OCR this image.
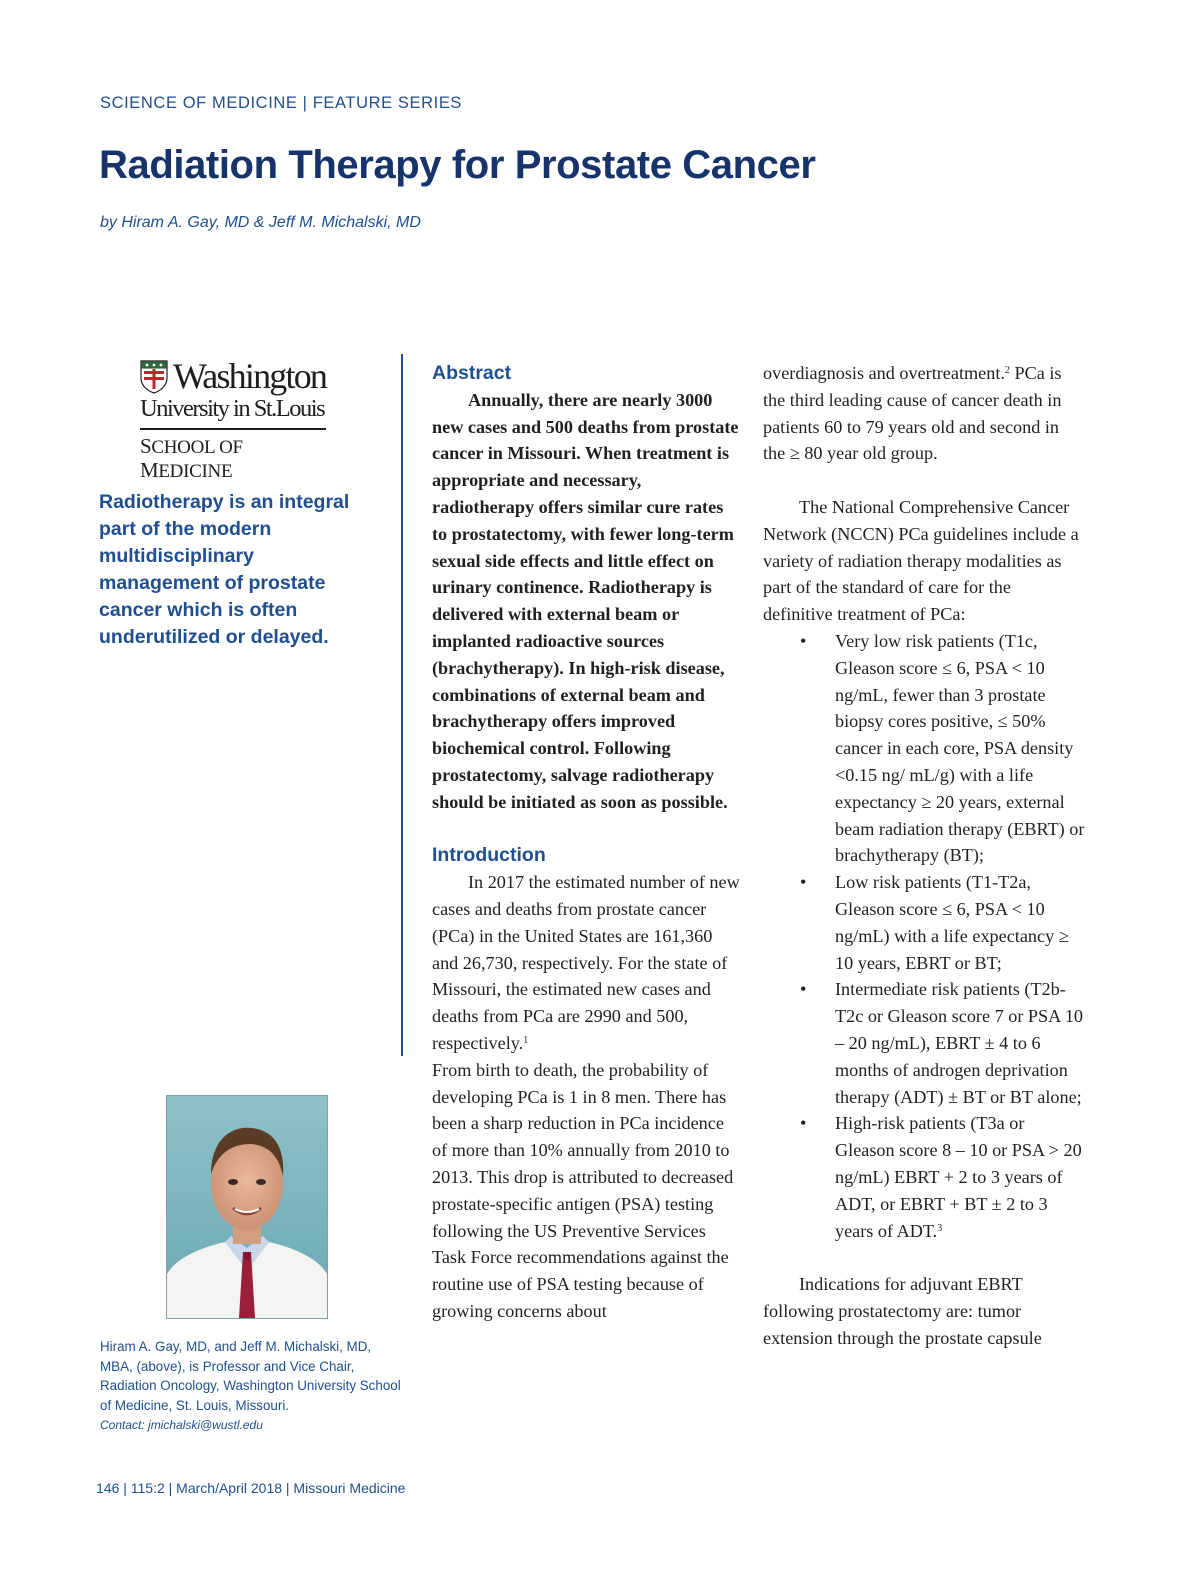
SCIENCE OF MEDICINE | FEATURE SERIES
Radiation Therapy for Prostate Cancer
by Hiram A. Gay, MD & Jeff M. Michalski, MD
Washington
University in St.Louis
SCHOOL OF MEDICINE
Radiotherapy is an integral part of the modern multidisciplinary management of prostate cancer which is often underutilized or delayed.
Hiram A. Gay, MD, and Jeff M. Michalski, MD, MBA, (above), is Professor and Vice Chair, Radiation Oncology, Washington University School of Medicine, St. Louis, Missouri.
Contact: jmichalski@wustl.edu
Abstract

Annually, there are nearly 3000 new cases and 500 deaths from prostate cancer in Missouri. When treatment is appropriate and necessary, radiotherapy offers similar cure rates to prostatectomy, with fewer long-term sexual side effects and little effect on urinary continence. Radiotherapy is delivered with external beam or implanted radioactive sources (brachytherapy). In high-risk disease, combinations of external beam and brachytherapy offers improved biochemical control. Following prostatectomy, salvage radiotherapy should be initiated as soon as possible.

Introduction

In 2017 the estimated number of new cases and deaths from prostate cancer (PCa) in the United States are 161,360 and 26,730, respectively. For the state of Missouri, the estimated new cases and deaths from PCa are 2990 and 500, respectively.$^1$
From birth to death, the probability of developing PCa is 1 in 8 men. There has been a sharp reduction in PCa incidence of more than 10% annually from 2010 to 2013. This drop is attributed to decreased prostate-specific antigen (PSA) testing following the US Preventive Services Task Force recommendations against the routine use of PSA testing because of growing concerns about

overdiagnosis and overtreatment.$^2$ PCa is the third leading cause of cancer death in patients 60 to 79 years old and second in the ≥ 80 year old group.

The National Comprehensive Cancer Network (NCCN) PCa guidelines include a variety of radiation therapy modalities as part of the standard of care for the definitive treatment of PCa:

• Very low risk patients (T1c, Gleason score ≤ 6, PSA < 10 ng/mL, fewer than 3 prostate biopsy cores positive, ≤ 50% cancer in each core, PSA density <0.15 ng/ mL/g) with a life expectancy ≥ 20 years, external beam radiation therapy (EBRT) or brachytherapy (BT);
• Low risk patients (T1-T2a, Gleason score ≤ 6, PSA < 10 ng/mL) with a life expectancy ≥ 10 years, EBRT or BT;
• Intermediate risk patients (T2b-T2c or Gleason score 7 or PSA 10 – 20 ng/mL), EBRT ± 4 to 6 months of androgen deprivation therapy (ADT) ± BT or BT alone;
• High-risk patients (T3a or Gleason score 8 – 10 or PSA > 20 ng/mL) EBRT + 2 to 3 years of ADT, or EBRT + BT ± 2 to 3 years of ADT.$^3$

Indications for adjuvant EBRT following prostatectomy are: tumor extension through the prostate capsule

146 | 115:2 | March/April 2018 | Missouri Medicine
